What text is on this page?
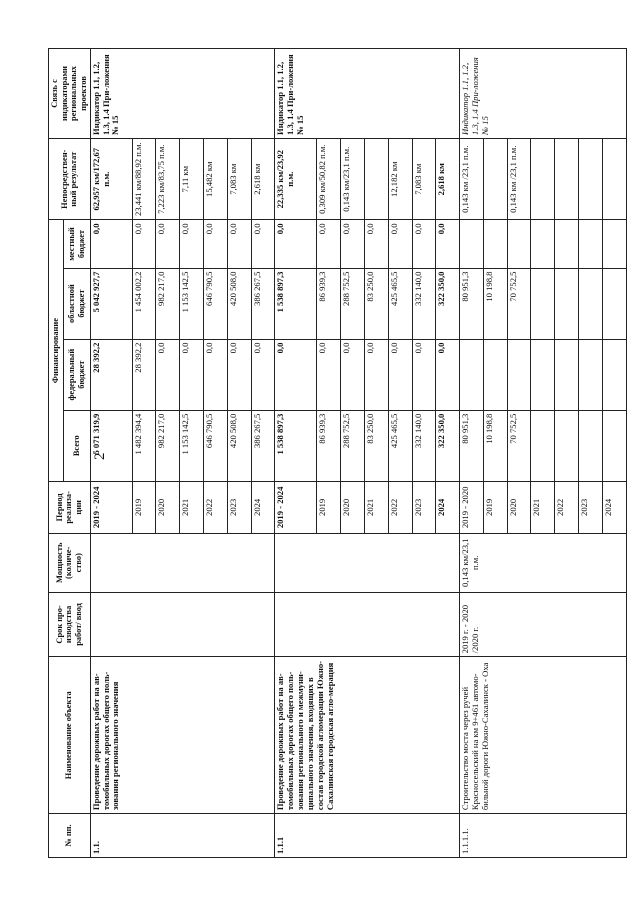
2
№ пп.	Наименование объекта	Срок про-изводства работ/ ввод	Мощность (количе-ство)	Период реализа-ции	Финансирование				Непосредствен-ный результат	Связь с индикаторами региональных проектов
					Всего	федеральный бюджет	областной бюджет	местный бюджет		
1.1.	Проведение дорожных работ на ав-томобильных дорогах общего поль-зования регионального значения			2019 - 2024	5 071 319,9	28 392,2	5 042 927,7	0,0	62,957 км/172,67 п.м.	Индикатор 1.1, 1.2, 1.3, 1.4 При-ложения № 15
				2019	1 482 394,4	28 392,2	1 454 002,2	0,0	23,441 км/88,92 п.м.	
				2020	982 217,0	0,0	982 217,0	0,0	7,223 км/83,75 п.м.	
				2021	1 153 142,5	0,0	1 153 142,5	0,0	7,11 км	
				2022	646 790,5	0,0	646 790,5	0,0	15,482 км	
				2023	420 508,0	0,0	420 508,0	0,0	7,083 км	
				2024	386 267,5	0,0	386 267,5	0,0	2,618 км	
1.1.1	Проведение дорожных работ на ав-томобильных дорогах общего поль-зования регионального и межмуни-ципального значения, входящих в состав городской агломерации Южно-Сахалинская городская агло-мерация			2019 - 2024	1 538 897,3	0,0	1 538 897,3	0,0	22,335 км/23,92 п.м.	Индикатор 1.1, 1.2, 1.3, 1.4 При-ложения № 15
				2019	86 939,3	0,0	86 939,3	0,0	0,309 км/50,82 п.м.	
				2020	288 752,5	0,0	288 752,5	0,0	0,143 км/23,1 п.м.	
				2021	83 250,0	0,0	83 250,0	0,0		
				2022	425 465,5	0,0	425 465,5	0,0	12,182 км	
				2023	332 140,0	0,0	332 140,0	0,0	7,083 км	
				2024	322 350,0	0,0	322 350,0	0,0	2,618 км	
1.1.1.1.	Строительство моста через ручей Красносельский на км 9+461 автомо-бильной дороги Южно-Сахалинск - Оха	2019 г. - 2020 /2020 г.	0,143 км/23,1 п.м.	2019 - 2020	80 951,3		80 951,3		0,143 км /23,1 п.м.	Индикатор 1.1, 1.2, 1.3, 1.4 При-ложения № 15
				2019	10 198,8		10 198,8			
				2020	70 752,5		70 752,5		0,143 км /23,1 п.м.	
				2021						
				2022						
				2023						
				2024						
